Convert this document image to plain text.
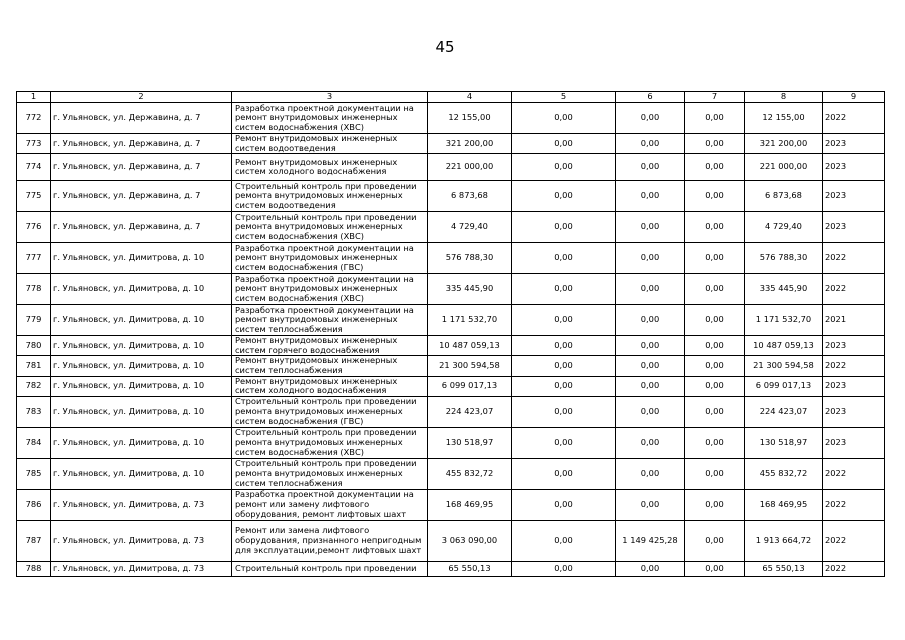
45
1	2	3	4	5	6	7	8	9
772	г. Ульяновск, ул. Державина, д. 7	Разработка проектной документации на ремонт внутридомовых инженерных систем водоснабжения (ХВС)	12 155,00	0,00	0,00	0,00	12 155,00	2022
773	г. Ульяновск, ул. Державина, д. 7	Ремонт внутридомовых инженерных систем водоотведения	321 200,00	0,00	0,00	0,00	321 200,00	2023
774	г. Ульяновск, ул. Державина, д. 7	Ремонт внутридомовых инженерных систем холодного водоснабжения	221 000,00	0,00	0,00	0,00	221 000,00	2023
775	г. Ульяновск, ул. Державина, д. 7	Строительный контроль при проведении ремонта внутридомовых инженерных систем водоотведения	6 873,68	0,00	0,00	0,00	6 873,68	2023
776	г. Ульяновск, ул. Державина, д. 7	Строительный контроль при проведении ремонта внутридомовых инженерных систем водоснабжения (ХВС)	4 729,40	0,00	0,00	0,00	4 729,40	2023
777	г. Ульяновск, ул. Димитрова, д. 10	Разработка проектной документации на ремонт внутридомовых инженерных систем водоснабжения (ГВС)	576 788,30	0,00	0,00	0,00	576 788,30	2022
778	г. Ульяновск, ул. Димитрова, д. 10	Разработка проектной документации на ремонт внутридомовых инженерных систем водоснабжения (ХВС)	335 445,90	0,00	0,00	0,00	335 445,90	2022
779	г. Ульяновск, ул. Димитрова, д. 10	Разработка проектной документации на ремонт внутридомовых инженерных систем теплоснабжения	1 171 532,70	0,00	0,00	0,00	1 171 532,70	2021
780	г. Ульяновск, ул. Димитрова, д. 10	Ремонт внутридомовых инженерных систем горячего водоснабжения	10 487 059,13	0,00	0,00	0,00	10 487 059,13	2023
781	г. Ульяновск, ул. Димитрова, д. 10	Ремонт внутридомовых инженерных систем теплоснабжения	21 300 594,58	0,00	0,00	0,00	21 300 594,58	2022
782	г. Ульяновск, ул. Димитрова, д. 10	Ремонт внутридомовых инженерных систем холодного водоснабжения	6 099 017,13	0,00	0,00	0,00	6 099 017,13	2023
783	г. Ульяновск, ул. Димитрова, д. 10	Строительный контроль при проведении ремонта внутридомовых инженерных систем водоснабжения (ГВС)	224 423,07	0,00	0,00	0,00	224 423,07	2023
784	г. Ульяновск, ул. Димитрова, д. 10	Строительный контроль при проведении ремонта внутридомовых инженерных систем водоснабжения (ХВС)	130 518,97	0,00	0,00	0,00	130 518,97	2023
785	г. Ульяновск, ул. Димитрова, д. 10	Строительный контроль при проведении ремонта внутридомовых инженерных систем теплоснабжения	455 832,72	0,00	0,00	0,00	455 832,72	2022
786	г. Ульяновск, ул. Димитрова, д. 73	Разработка проектной документации на ремонт или замену лифтового оборудования, ремонт лифтовых шахт	168 469,95	0,00	0,00	0,00	168 469,95	2022
787	г. Ульяновск, ул. Димитрова, д. 73	Ремонт или замена лифтового оборудования, признанного непригодным для эксплуатации,ремонт лифтовых шахт	3 063 090,00	0,00	1 149 425,28	0,00	1 913 664,72	2022
788	г. Ульяновск, ул. Димитрова, д. 73	Строительный контроль при проведении	65 550,13	0,00	0,00	0,00	65 550,13	2022
